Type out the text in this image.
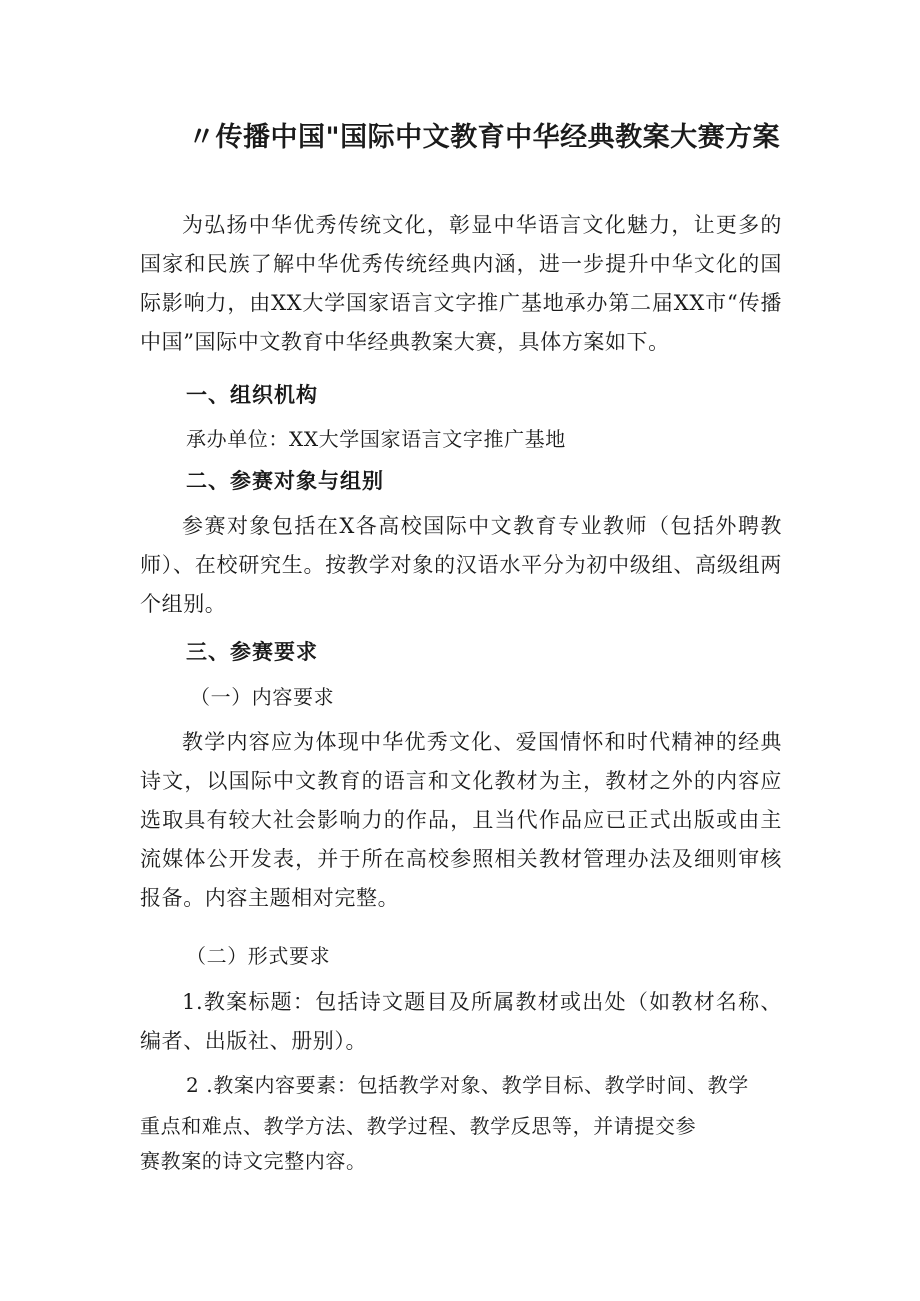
〃传播中国"国际中文教育中华经典教案大赛方案

为弘扬中华优秀传统文化，彰显中华语言文化魅力，让更多的国家和民族了解中华优秀传统经典内涵，进一步提升中华文化的国际影响力，由XX大学国家语言文字推广基地承办第二届XX市“传播中国”国际中文教育中华经典教案大赛，具体方案如下。

一、组织机构

承办单位：XX大学国家语言文字推广基地

二、参赛对象与组别

参赛对象包括在X各高校国际中文教育专业教师（包括外聘教师）、在校研究生。按教学对象的汉语水平分为初中级组、高级组两个组别。

三、参赛要求

（一）内容要求

教学内容应为体现中华优秀文化、爱国情怀和时代精神的经典诗文，以国际中文教育的语言和文化教材为主，教材之外的内容应选取具有较大社会影响力的作品，且当代作品应已正式出版或由主流媒体公开发表，并于所在高校参照相关教材管理办法及细则审核报备。内容主题相对完整。

（二）形式要求

1.教案标题：包括诗文题目及所属教材或出处（如教材名称、编者、出版社、册别）。

2 .教案内容要素：包括教学对象、教学目标、教学时间、教学

重点和难点、教学方法、教学过程、教学反思等，并请提交参

赛教案的诗文完整内容。
